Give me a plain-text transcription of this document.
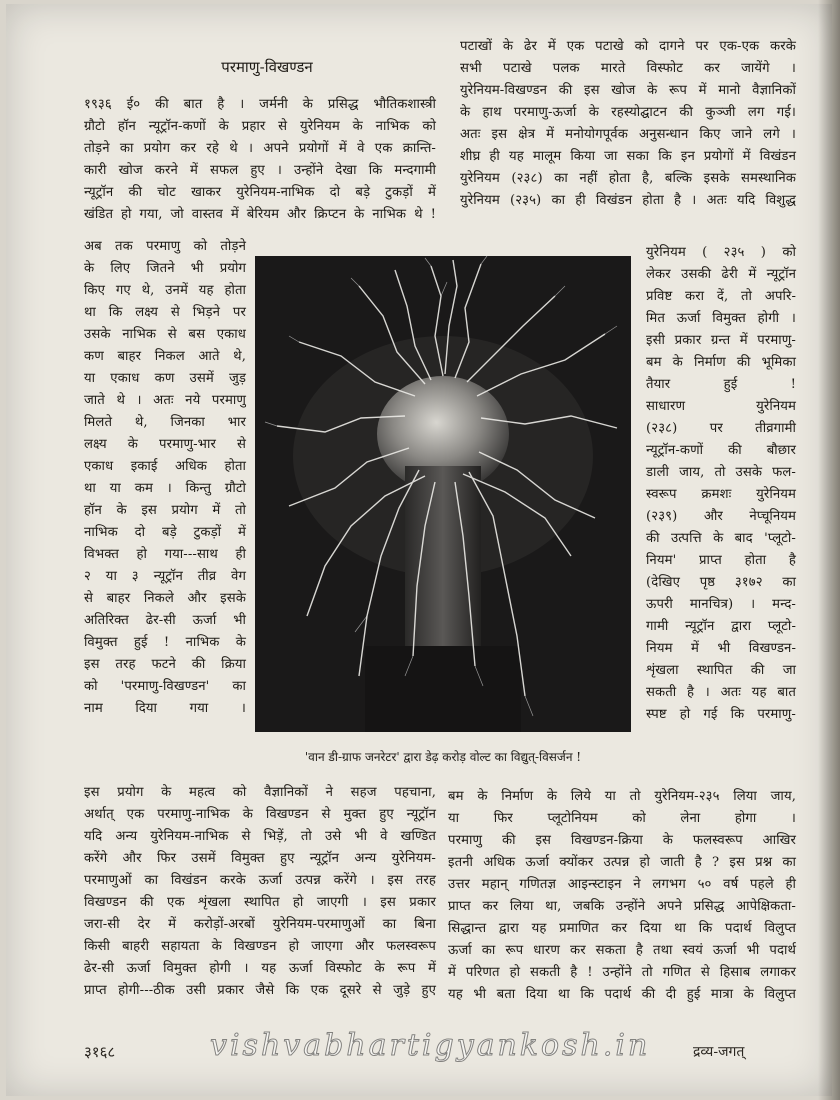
परमाणु-विखण्डन

१९३६ ई० की बात है । जर्मनी के प्रसिद्ध भौतिकशास्त्री

ग्रौटो हॉन न्यूट्रॉन-कणों के प्रहार से युरेनियम के नाभिक को

तोड़ने का प्रयोग कर रहे थे । अपने प्रयोगों में वे एक क्रान्ति-

कारी खोज करने में सफल हुए । उन्होंने देखा कि मन्दगामी

न्यूट्रॉन की चोट खाकर युरेनियम-नाभिक दो बड़े टुकड़ों में

खंडित हो गया, जो वास्तव में बेरियम और क्रिप्टन के नाभिक थे !

अब तक परमाणु को तोड़ने

के लिए जितने भी प्रयोग

किए गए थे, उनमें यह होता

था कि लक्ष्य से भिड़ने पर

उसके नाभिक से बस एकाध

कण बाहर निकल आते थे,

या एकाध कण उसमें जुड़

जाते थे । अतः नये परमाणु

मिलते थे, जिनका भार

लक्ष्य के परमाणु-भार से

एकाध इकाई अधिक होता

था या कम । किन्तु ग्रौटो

हॉन के इस प्रयोग में तो

नाभिक दो बड़े टुकड़ों में

विभक्त हो गया---साथ ही

२ या ३ न्यूट्रॉन तीव्र वेग

से बाहर निकले और इसके

अतिरिक्त ढेर-सी ऊर्जा भी

विमुक्त हुई ! नाभिक के

इस तरह फटने की क्रिया

को 'परमाणु-विखण्डन' का

नाम दिया गया ।

इस प्रयोग के महत्व को वैज्ञानिकों ने सहज पहचाना,

अर्थात् एक परमाणु-नाभिक के विखण्डन से मुक्त हुए न्यूट्रॉन

यदि अन्य युरेनियम-नाभिक से भिड़ें, तो उसे भी वे खण्डित

करेंगे और फिर उसमें विमुक्त हुए न्यूट्रॉन अन्य युरेनियम-

परमाणुओं का विखंडन करके ऊर्जा उत्पन्न करेंगे । इस तरह

विखण्डन की एक शृंखला स्थापित हो जाएगी । इस प्रकार

जरा-सी देर में करोड़ों-अरबों युरेनियम-परमाणुओं का बिना

किसी बाहरी सहायता के विखण्डन हो जाएगा और फलस्वरूप

ढेर-सी ऊर्जा विमुक्त होगी । यह ऊर्जा विस्फोट के रूप में

प्राप्त होगी---ठीक उसी प्रकार जैसे कि एक दूसरे से जुड़े हुए

पटाखों के ढेर में एक पटाखे को दागने पर एक-एक करके

सभी पटाखे पलक मारते विस्फोट कर जायेंगे ।

युरेनियम-विखण्डन की इस खोज के रूप में मानो वैज्ञानिकों

के हाथ परमाणु-ऊर्जा के रहस्योद्घाटन की कुञ्जी लग गई।

अतः इस क्षेत्र में मनोयोगपूर्वक अनुसन्धान किए जाने लगे ।

शीघ्र ही यह मालूम किया जा सका कि इन प्रयोगों में विखंडन

युरेनियम (२३८) का नहीं होता है, बल्कि इसके समस्थानिक

युरेनियम (२३५) का ही विखंडन होता है । अतः यदि विशुद्ध

युरेनियम ( २३५ ) को

लेकर उसकी ढेरी में न्यूट्रॉन

प्रविष्ट करा दें, तो अपरि-

मित ऊर्जा विमुक्त होगी ।

इसी प्रकार ग्रन्त में परमाणु-

बम के निर्माण की भूमिका

तैयार हुई !

साधारण युरेनियम

(२३८) पर तीव्रगामी

न्यूट्रॉन-कणों की बौछार

डाली जाय, तो उसके फल-

स्वरूप क्रमशः युरेनियम

(२३९) और नेप्चूनियम

की उत्पत्ति के बाद 'प्लूटो-

नियम' प्राप्त होता है

(देखिए पृष्ठ ३१७२ का

ऊपरी मानचित्र) । मन्द-

गामी न्यूट्रॉन द्वारा प्लूटो-

नियम में भी विखण्डन-

शृंखला स्थापित की जा

सकती है । अतः यह बात

स्पष्ट हो गई कि परमाणु-

बम के निर्माण के लिये या तो युरेनियम-२३५ लिया जाय,

या फिर प्लूटोनियम को लेना होगा ।

परमाणु की इस विखण्डन-क्रिया के फलस्वरूप आखिर

इतनी अधिक ऊर्जा क्योंकर उत्पन्न हो जाती है ? इस प्रश्न का

उत्तर महान् गणितज्ञ आइन्स्टाइन ने लगभग ५० वर्ष पहले ही

प्राप्त कर लिया था, जबकि उन्होंने अपने प्रसिद्ध आपेक्षिकता-

सिद्धान्त द्वारा यह प्रमाणित कर दिया था कि पदार्थ विलुप्त

ऊर्जा का रूप धारण कर सकता है तथा स्वयं ऊर्जा भी पदार्थ

में परिणत हो सकती है ! उन्होंने तो गणित से हिसाब लगाकर

यह भी बता दिया था कि पदार्थ की दी हुई मात्रा के विलुप्त

'वान डी-ग्राफ जनरेटर' द्वारा डेढ़ करोड़ वोल्ट का विद्युत्-विसर्जन !
३१६८	द्रव्य-जगत्
vishvabhartigyankosh.in
